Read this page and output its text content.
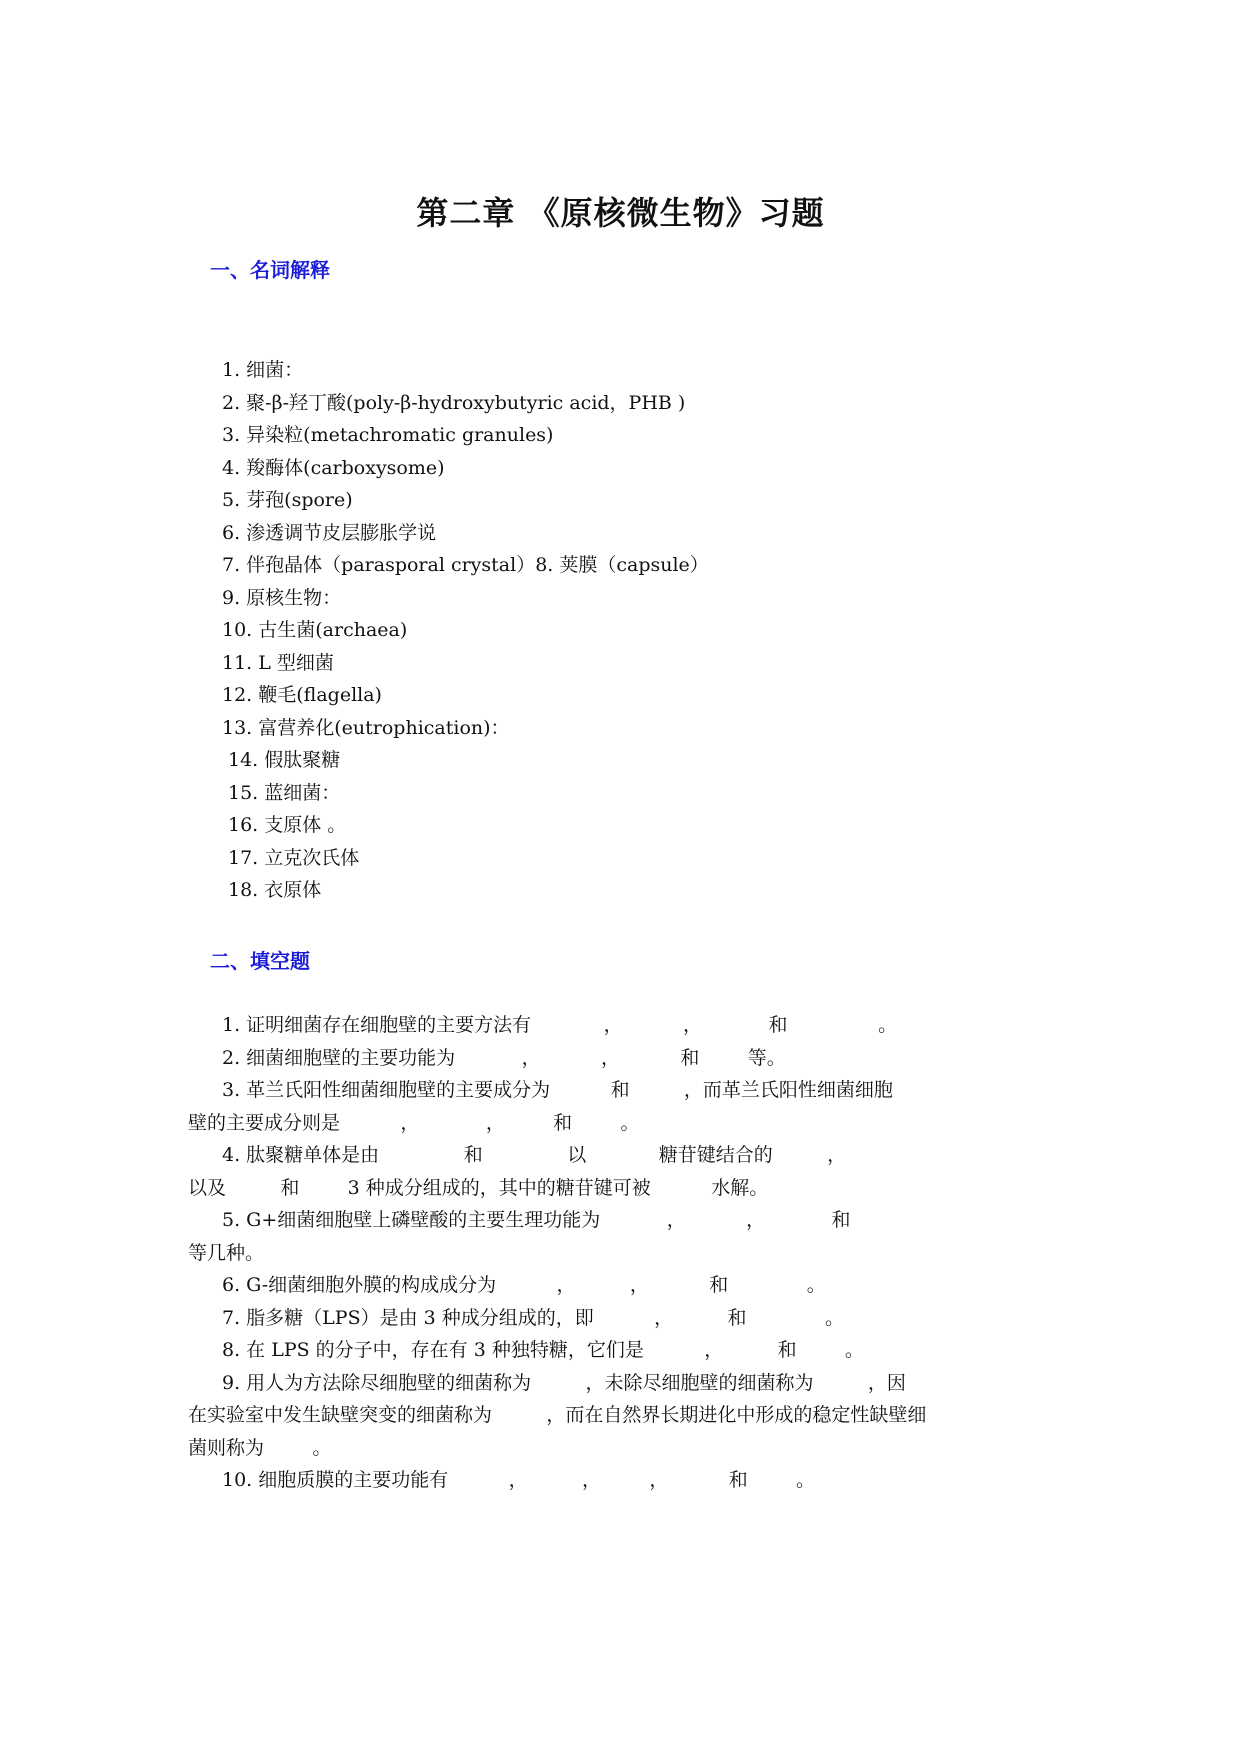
第二章 《原核微生物》习题
一、名词解释
1. 细菌：
2. 聚-β-羟丁酸(poly-β-hydroxybutyric acid，PHB )
3. 异染粒(metachromatic granules)
4. 羧酶体(carboxysome)
5. 芽孢(spore)
6. 渗透调节皮层膨胀学说
7. 伴孢晶体（parasporal crystal）8. 荚膜（capsule）
9. 原核生物：
10. 古生菌(archaea)
11. L 型细菌
12. 鞭毛(flagella)
13. 富营养化(eutrophication)：
14. 假肽聚糖
15. 蓝细菌：
16. 支原体 。
17. 立克次氏体
18. 衣原体
二、填空题

1. 证明细菌存在细胞壁的主要方法有            ，          ，           和               。

2. 细菌细胞壁的主要功能为           ，          ，          和        等。

3. 革兰氏阳性细菌细胞壁的主要成分为          和         ，而革兰氏阳性细菌细胞

壁的主要成分则是          ，           ，        和        。

4. 肽聚糖单体是由              和              以            糖苷键结合的         ，

以及         和        3 种成分组成的，其中的糖苷键可被          水解。

5. G+细菌细胞壁上磷壁酸的主要生理功能为           ，          ，           和

等几种。

6. G-细菌细胞外膜的构成成分为          ，         ，          和             。

7. 脂多糖（LPS）是由 3 种成分组成的，即          ，         和             。

8. 在 LPS 的分子中，存在有 3 种独特糖，它们是          ，         和        。

9. 用人为方法除尽细胞壁的细菌称为         ，未除尽细胞壁的细菌称为         ，因

在实验室中发生缺壁突变的细菌称为         ，而在自然界长期进化中形成的稳定性缺壁细

菌则称为        。

10. 细胞质膜的主要功能有          ，         ，        ，          和        。
